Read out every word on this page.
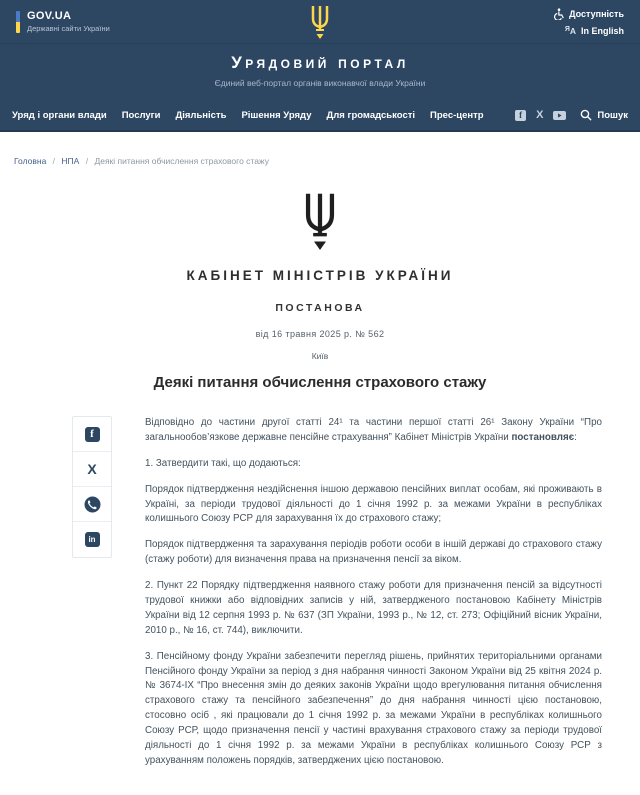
GOV.UA
Державні сайти України
Доступність
$^Я$A In English
Урядовий портал
Єдиний веб-портал органів виконавчої влади України
Уряд і органи влади Послуги Діяльність Рішення Уряду Для громадськості Прес-центр	f X	Пошук
Головна / НПА / Деякі питання обчислення страхового стажу
КАБІНЕТ МІНІСТРІВ УКРАЇНИ
ПОСТАНОВА
від 16 травня 2025 р. № 562
Київ
Деякі питання обчислення страхового стажу
f
X
in

Відповідно до частини другої статті 24¹ та частини першої статті 26¹ Закону України “Про загальнообов’язкове державне пенсійне страхування” Кабінет Міністрів України постановляє:

1. Затвердити такі, що додаються:

Порядок підтвердження нездійснення іншою державою пенсійних виплат особам, які проживають в Україні, за періоди трудової діяльності до 1 січня 1992 р. за межами України в республіках колишнього Союзу РСР для зарахування їх до страхового стажу;

Порядок підтвердження та зарахування періодів роботи особи в іншій державі до страхового стажу (стажу роботи) для визначення права на призначення пенсії за віком.

2. Пункт 22 Порядку підтвердження наявного стажу роботи для призначення пенсій за відсутності трудової книжки або відповідних записів у ній, затвердженого постановою Кабінету Міністрів України від 12 серпня 1993 р. № 637 (ЗП України, 1993 р., № 12, ст. 273; Офіційний вісник України, 2010 р., № 16, ст. 744), виключити.

3. Пенсійному фонду України забезпечити перегляд рішень, прийнятих територіальними органами Пенсійного фонду України за період з дня набрання чинності Законом України від 25 квітня 2024 р. № 3674-IX “Про внесення змін до деяких законів України щодо врегулювання питання обчислення страхового стажу та пенсійного забезпечення” до дня набрання чинності цією постановою, стосовно осіб , які працювали до 1 січня 1992 р. за межами України в республіках колишнього Союзу РСР, щодо призначення пенсії у частині врахування страхового стажу за періоди трудової діяльності до 1 січня 1992 р. за межами України в республіках колишнього Союзу РСР з урахуванням положень порядків, затверджених цією постановою.
